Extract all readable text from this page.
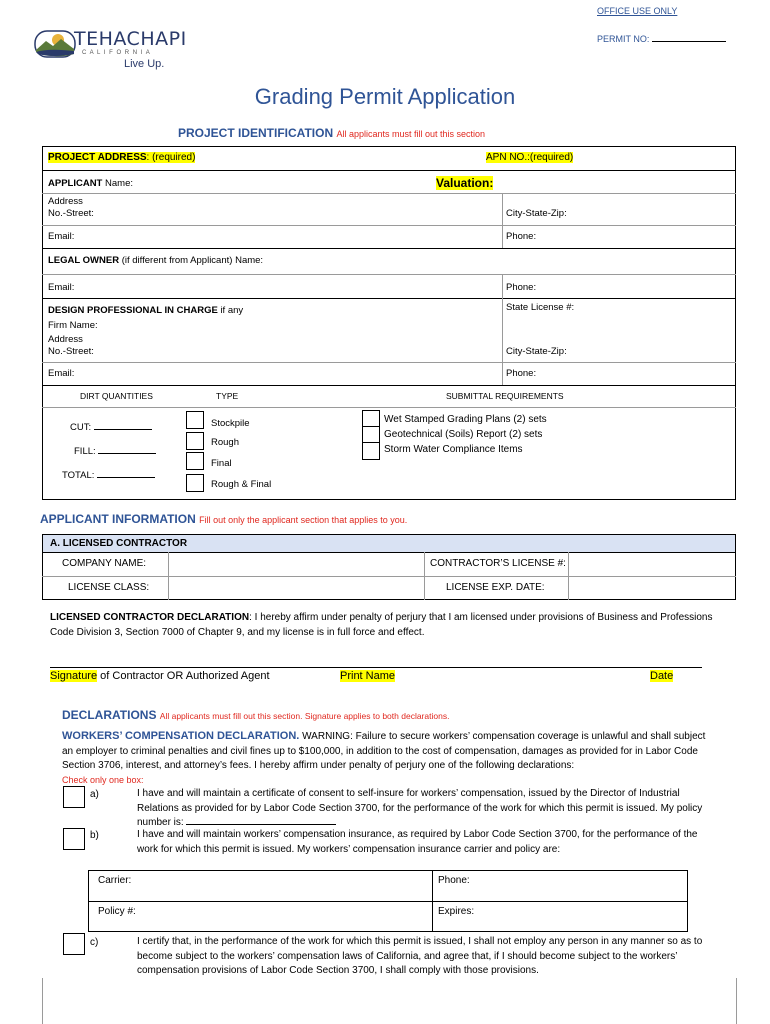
OFFICE USE ONLY
PERMIT NO:
TEHACHAPI
C A L I F O R N I A
Live Up.
Grading Permit Application
PROJECT IDENTIFICATION All applicants must fill out this section
PROJECT ADDRESS: (required)	APN NO.:(required)
APPLICANT Name:	Valuation:
Address
No.-Street:	City-State-Zip:
Email:	Phone:
LEGAL OWNER (if different from Applicant) Name:
Email:	Phone:
DESIGN PROFESSIONAL IN CHARGE if any	State License #:
Firm Name:
Address
No.-Street:	City-State-Zip:
Email:	Phone:
DIRT QUANTITIES	TYPE	SUBMITTAL REQUIREMENTS
CUT:
FILL:
TOTAL:
Stockpile
Rough
Final
Rough & Final
Wet Stamped Grading Plans (2) sets
Geotechnical (Soils) Report (2) sets
Storm Water Compliance Items
APPLICANT INFORMATION Fill out only the applicant section that applies to you.
A. LICENSED CONTRACTOR
COMPANY NAME:	CONTRACTOR’S LICENSE #:
LICENSE CLASS:	LICENSE EXP. DATE:
LICENSED CONTRACTOR DECLARATION: I hereby affirm under penalty of perjury that I am licensed under provisions of Business and Professions Code Division 3, Section 7000 of Chapter 9, and my license is in full force and effect.
Signature of Contractor OR Authorized Agent	Print Name	Date
DECLARATIONS All applicants must fill out this section. Signature applies to both declarations.
WORKERS’ COMPENSATION DECLARATION. WARNING: Failure to secure workers’ compensation coverage is unlawful and shall subject an employer to criminal penalties and civil fines up to $100,000, in addition to the cost of compensation, damages as provided for in Labor Code Section 3706, interest, and attorney’s fees. I hereby affirm under penalty of perjury one of the following declarations:
Check only one box:
a)	I have and will maintain a certificate of consent to self-insure for workers’ compensation, issued by the Director of Industrial Relations as provided for by Labor Code Section 3700, for the performance of the work for which this permit is issued. My policy number is:
b)	I have and will maintain workers’ compensation insurance, as required by Labor Code Section 3700, for the performance of the work for which this permit is issued. My workers’ compensation insurance carrier and policy are:
Carrier:	Phone:
Policy #:	Expires:
c)	I certify that, in the performance of the work for which this permit is issued, I shall not employ any person in any manner so as to become subject to the workers’ compensation laws of California, and agree that, if I should become subject to the workers’ compensation provisions of Labor Code Section 3700, I shall comply with those provisions.
